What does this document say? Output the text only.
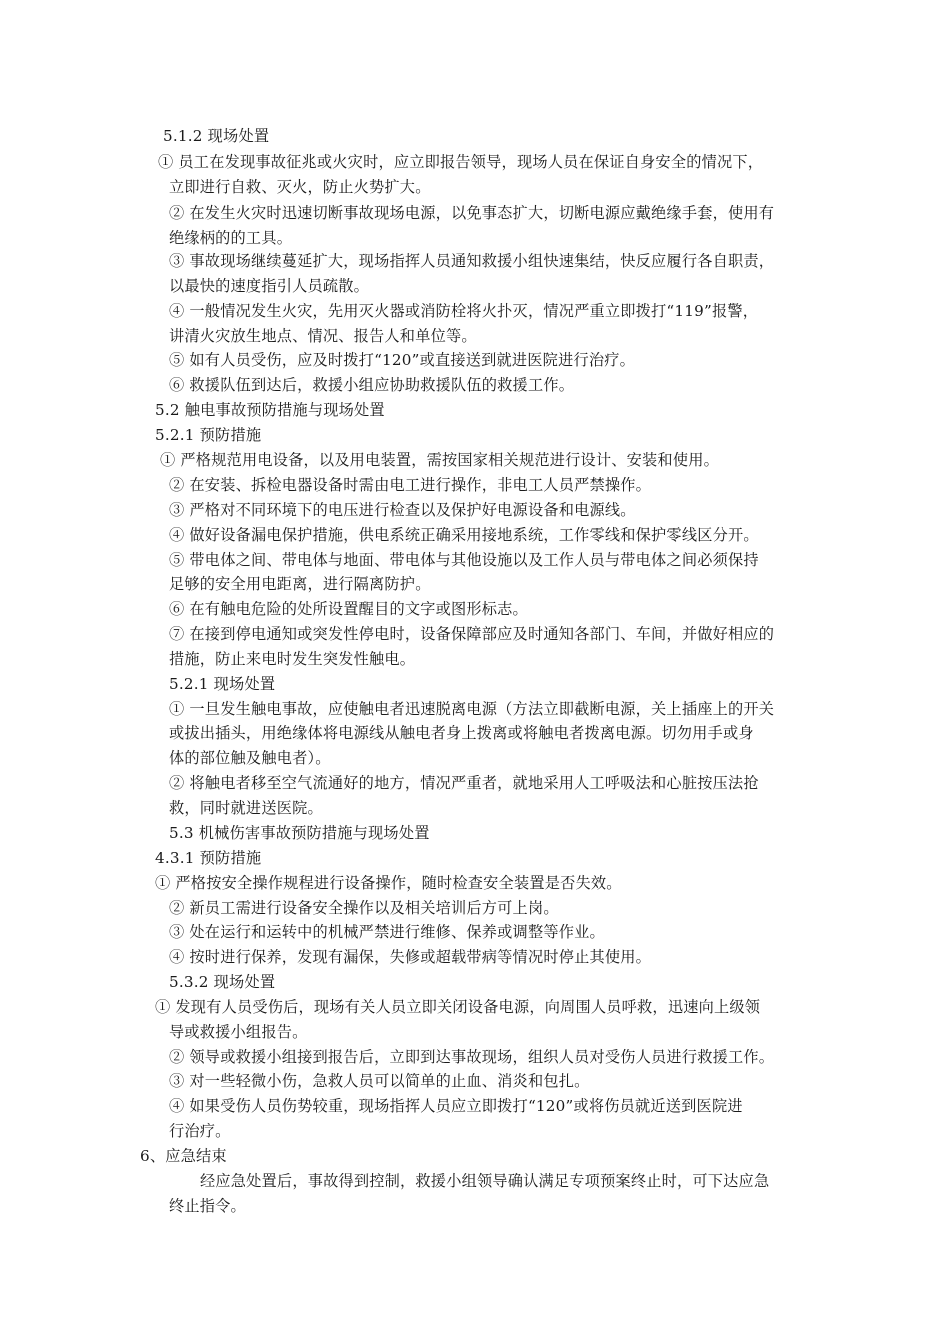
5.1.2 现场处置
① 员工在发现事故征兆或火灾时，应立即报告领导，现场人员在保证自身安全的情况下，
立即进行自救、灭火，防止火势扩大。
② 在发生火灾时迅速切断事故现场电源，以免事态扩大，切断电源应戴绝缘手套，使用有
绝缘柄的的工具。
③ 事故现场继续蔓延扩大，现场指挥人员通知救援小组快速集结，快反应履行各自职责，
以最快的速度指引人员疏散。
④ 一般情况发生火灾，先用灭火器或消防栓将火扑灭，情况严重立即拨打“119”报警，
讲清火灾放生地点、情况、报告人和单位等。
⑤ 如有人员受伤，应及时拨打“120”或直接送到就进医院进行治疗。
⑥ 救援队伍到达后，救援小组应协助救援队伍的救援工作。
5.2 触电事故预防措施与现场处置
5.2.1 预防措施
① 严格规范用电设备，以及用电装置，需按国家相关规范进行设计、安装和使用。
② 在安装、拆检电器设备时需由电工进行操作，非电工人员严禁操作。
③ 严格对不同环境下的电压进行检查以及保护好电源设备和电源线。
④ 做好设备漏电保护措施，供电系统正确采用接地系统，工作零线和保护零线区分开。
⑤ 带电体之间、带电体与地面、带电体与其他设施以及工作人员与带电体之间必须保持
足够的安全用电距离，进行隔离防护。
⑥ 在有触电危险的处所设置醒目的文字或图形标志。
⑦ 在接到停电通知或突发性停电时，设备保障部应及时通知各部门、车间，并做好相应的
措施，防止来电时发生突发性触电。
5.2.1 现场处置
① 一旦发生触电事故，应使触电者迅速脱离电源（方法立即截断电源，关上插座上的开关
或拔出插头，用绝缘体将电源线从触电者身上拨离或将触电者拨离电源。切勿用手或身
体的部位触及触电者）。
② 将触电者移至空气流通好的地方，情况严重者，就地采用人工呼吸法和心脏按压法抢
救，同时就进送医院。
5.3 机械伤害事故预防措施与现场处置
4.3.1 预防措施
① 严格按安全操作规程进行设备操作，随时检查安全装置是否失效。
② 新员工需进行设备安全操作以及相关培训后方可上岗。
③ 处在运行和运转中的机械严禁进行维修、保养或调整等作业。
④ 按时进行保养，发现有漏保，失修或超载带病等情况时停止其使用。
5.3.2 现场处置
① 发现有人员受伤后，现场有关人员立即关闭设备电源，向周围人员呼救，迅速向上级领
导或救援小组报告。
② 领导或救援小组接到报告后，立即到达事故现场，组织人员对受伤人员进行救援工作。
③ 对一些轻微小伤，急救人员可以简单的止血、消炎和包扎。
④ 如果受伤人员伤势较重，现场指挥人员应立即拨打“120”或将伤员就近送到医院进
行治疗。
6、应急结束
经应急处置后，事故得到控制，救援小组领导确认满足专项预案终止时，可下达应急
终止指令。
